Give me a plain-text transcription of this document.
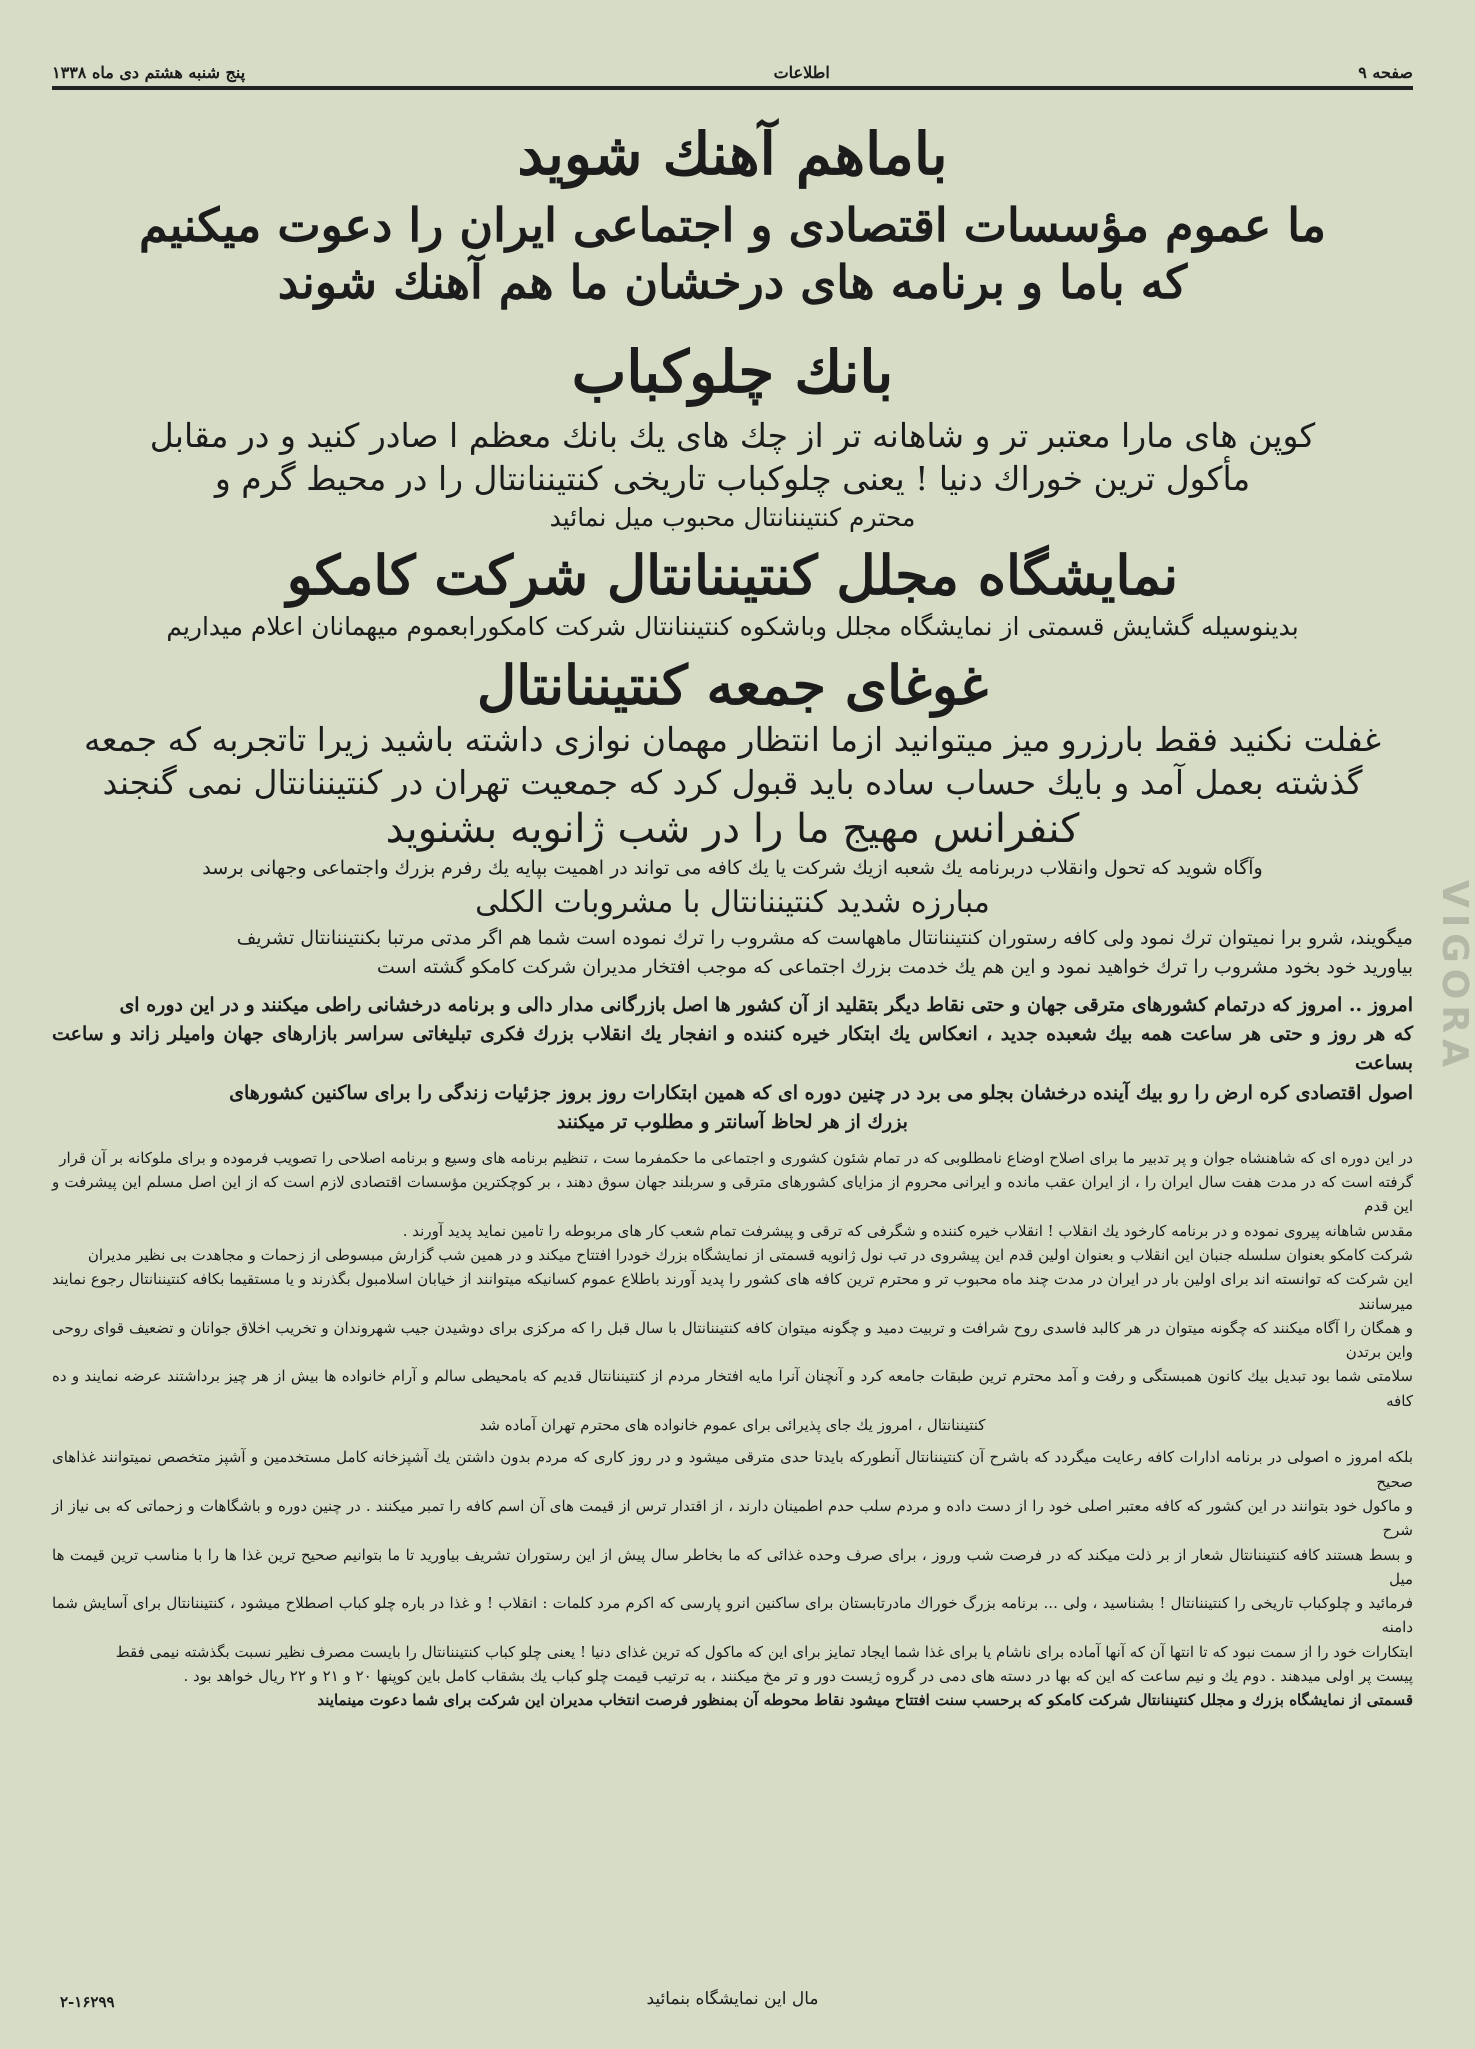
صفحه ۹
اطلاعات
پنج شنبه هشتم دی ماه ۱۳۳۸
VIGORA
باماهم آهنك شويد
ما عموم مؤسسات اقتصادى و اجتماعى ايران را دعوت ميكنيم
كه باما و برنامه هاى درخشان ما هم آهنك شوند
بانك چلوكباب
كوپن هاى مارا معتبر تر و شاهانه تر از چك هاى يك بانك معظم ا صادر كنيد و در مقابل
مأكول ترين خوراك دنيا ! يعنى چلوكباب تاريخى كنتيننانتال را در محيط گرم و
محترم كنتيننانتال محبوب ميل نمائيد
نمايشگاه مجلل كنتيننانتال شركت كامكو
بدينوسيله گشايش قسمتى از نمايشگاه مجلل وباشكوه كنتيننانتال شركت كامكورابعموم ميهمانان اعلام ميداريم
غوغاى جمعه كنتيننانتال
غفلت نكنيد فقط بارزرو ميز ميتوانيد ازما انتظار مهمان نوازى داشته باشيد زيرا تاتجربه كه جمعه
گذشته بعمل آمد و بايك حساب ساده بايد قبول كرد كه جمعيت تهران در كنتيننانتال نمى گنجند
كنفرانس مهيج ما را در شب ژانويه بشنويد
وآگاه شويد كه تحول وانقلاب دربرنامه يك شعبه ازيك شركت يا يك كافه مى تواند در اهميت بپايه يك رفرم بزرك واجتماعى وجهانى برسد
مبارزه شديد كنتيننانتال با مشروبات الكلى
ميگويند، شرو برا نميتوان ترك نمود ولى كافه رستوران كنتيننانتال ماههاست كه مشروب را ترك نموده است شما هم اگر مدتى مرتبا بكنتيننانتال تشريف
بياوريد خود بخود مشروب را ترك خواهيد نمود و اين هم يك خدمت بزرك اجتماعى كه موجب افتخار مديران شركت كامكو گشته است
امروز .. امروز كه درتمام كشورهاى مترقى جهان و حتى نقاط ديگر بتقليد از آن كشور ها اصل بازرگانى مدار دالى و برنامه درخشانى راطى ميكنند و در اين دوره اى
كه هر روز و حتى هر ساعت همه بيك شعبده جديد ، انعكاس يك ابتكار خيره كننده و انفجار يك انقلاب بزرك فكرى تبليغاتى سراسر بازارهاى جهان واميلر زاند و ساعت بساعت
اصول اقتصادى كره ارض را رو بيك آينده درخشان بجلو مى برد در چنين دوره اى كه همين ابتكارات روز بروز جزئيات زندگى را براى ساكنين كشورهاى
بزرك از هر لحاظ آسانتر و مطلوب تر ميكنند
در اين دوره اى كه شاهنشاه جوان و پر تدبير ما براى اصلاح اوضاع نامطلوبى كه در تمام شئون كشورى و اجتماعى ما حكمفرما ست ، تنظيم برنامه هاى وسيع و برنامه اصلاحى را تصويب فرموده و براى ملوكانه بر آن قرار
گرفته است كه در مدت هفت سال ايران را ، از ايران عقب مانده و ايرانى محروم از مزاياى كشورهاى مترقى و سربلند جهان سوق دهند ، بر كوچكترين مؤسسات اقتصادى لازم است كه از اين اصل مسلم اين پيشرفت و اين قدم
مقدس شاهانه پيروى نموده و در برنامه كارخود يك انقلاب ! انقلاب خيره كننده و شگرفى كه ترقى و پيشرفت تمام شعب كار هاى مربوطه را تامين نمايد پديد آورند .
شركت كامكو بعنوان سلسله جنبان اين انقلاب و بعنوان اولين قدم اين پيشروى در تب نول ژانويه قسمتى از نمايشگاه بزرك خودرا افتتاح ميكند و در همين شب گزارش مبسوطى از زحمات و مجاهدت بى نظير مديران
اين شركت كه توانسته اند براى اولين بار در ايران در مدت چند ماه محبوب تر و محترم ترين كافه هاى كشور را پديد آورند باطلاع عموم كسانيكه ميتوانند از خيابان اسلامبول بگذرند و يا مستقيما بكافه كنتيننانتال رجوع نمايند ميرسانند
و همگان را آگاه ميكنند كه چگونه ميتوان در هر كالبد فاسدى روح شرافت و تربيت دميد و چگونه ميتوان كافه كنتيننانتال با سال قبل را كه مركزى براى دوشيدن جيب شهروندان و تخريب اخلاق جوانان و تضعيف قواى روحى واين برتدن
سلامتى شما بود تبديل بيك كانون همبستگى و رفت و آمد محترم ترين طبقات جامعه كرد و آنچنان آنرا مايه افتخار مردم از كنتيننانتال قديم كه بامحيطى سالم و آرام خانواده ها بيش از هر چيز برداشتند عرضه نمايند و ده كافه
كنتيننانتال ، امروز يك جاى پذيرائى براى عموم خانواده هاى محترم تهران آماده شد
بلكه امروز ه اصولى در برنامه ادارات كافه رعايت ميگردد كه باشرح آن كنتيننانتال آنطوركه بايدتا حدى مترقى ميشود و در روز كارى كه مردم بدون داشتن يك آشپزخانه كامل مستخدمين و آشپز متخصص نميتوانند غذاهاى صحيح
و ماكول خود بتوانند در اين كشور كه كافه معتبر اصلى خود را از دست داده و مردم سلب حدم اطمينان دارند ، از اقتدار ترس از قيمت هاى آن اسم كافه را تمبر ميكنند . در چنين دوره و باشگاهات و زحماتى كه بى نياز از شرح
و بسط هستند كافه كنتيننانتال شعار از بر ذلت ميكند كه در فرصت شب وروز ، براى صرف وحده غذائى كه ما بخاطر سال پيش از اين رستوران تشريف بياوريد تا ما بتوانيم صحيح ترين غذا ها را با مناسب ترين قيمت ها ميل
فرمائيد و چلوكباب تاريخى را كنتيننانتال ! بشناسيد ، ولى ... برنامه بزرگ خوراك مادرتابستان براى ساكنين انرو پارسى كه اكرم مرد كلمات : انقلاب ! و غذا در باره چلو كباب اصطلاح ميشود ، كنتيننانتال براى آسايش شما دامنه
ابتكارات خود را از سمت نبود كه تا انتها آن كه آنها آماده براى ناشام يا براى غذا شما ايجاد تمايز براى اين كه ماكول كه ترين غذاى دنيا ! يعنى چلو كباب كنتيننانتال را بايست مصرف نظير نسبت بگذشته نيمى فقط
پيست پر اولى ميدهند . دوم يك و نيم ساعت كه اين كه بها در دسته هاى دمى در گروه ژيست دور و تر مخ ميكنند ، به ترتيب قيمت چلو كباب يك بشقاب كامل باين كوپنها ۲۰ و ۲۱ و ۲۲ ريال خواهد بود .
قسمتى از نمايشگاه بزرك و مجلل كنتيننانتال شركت كامكو كه برحسب سنت افتتاح ميشود نقاط محوطه آن بمنظور فرصت انتخاب مديران اين شركت براى شما دعوت مينمايند
مال اين نمايشگاه بنمائيد
۲-۱۶۲۹۹
